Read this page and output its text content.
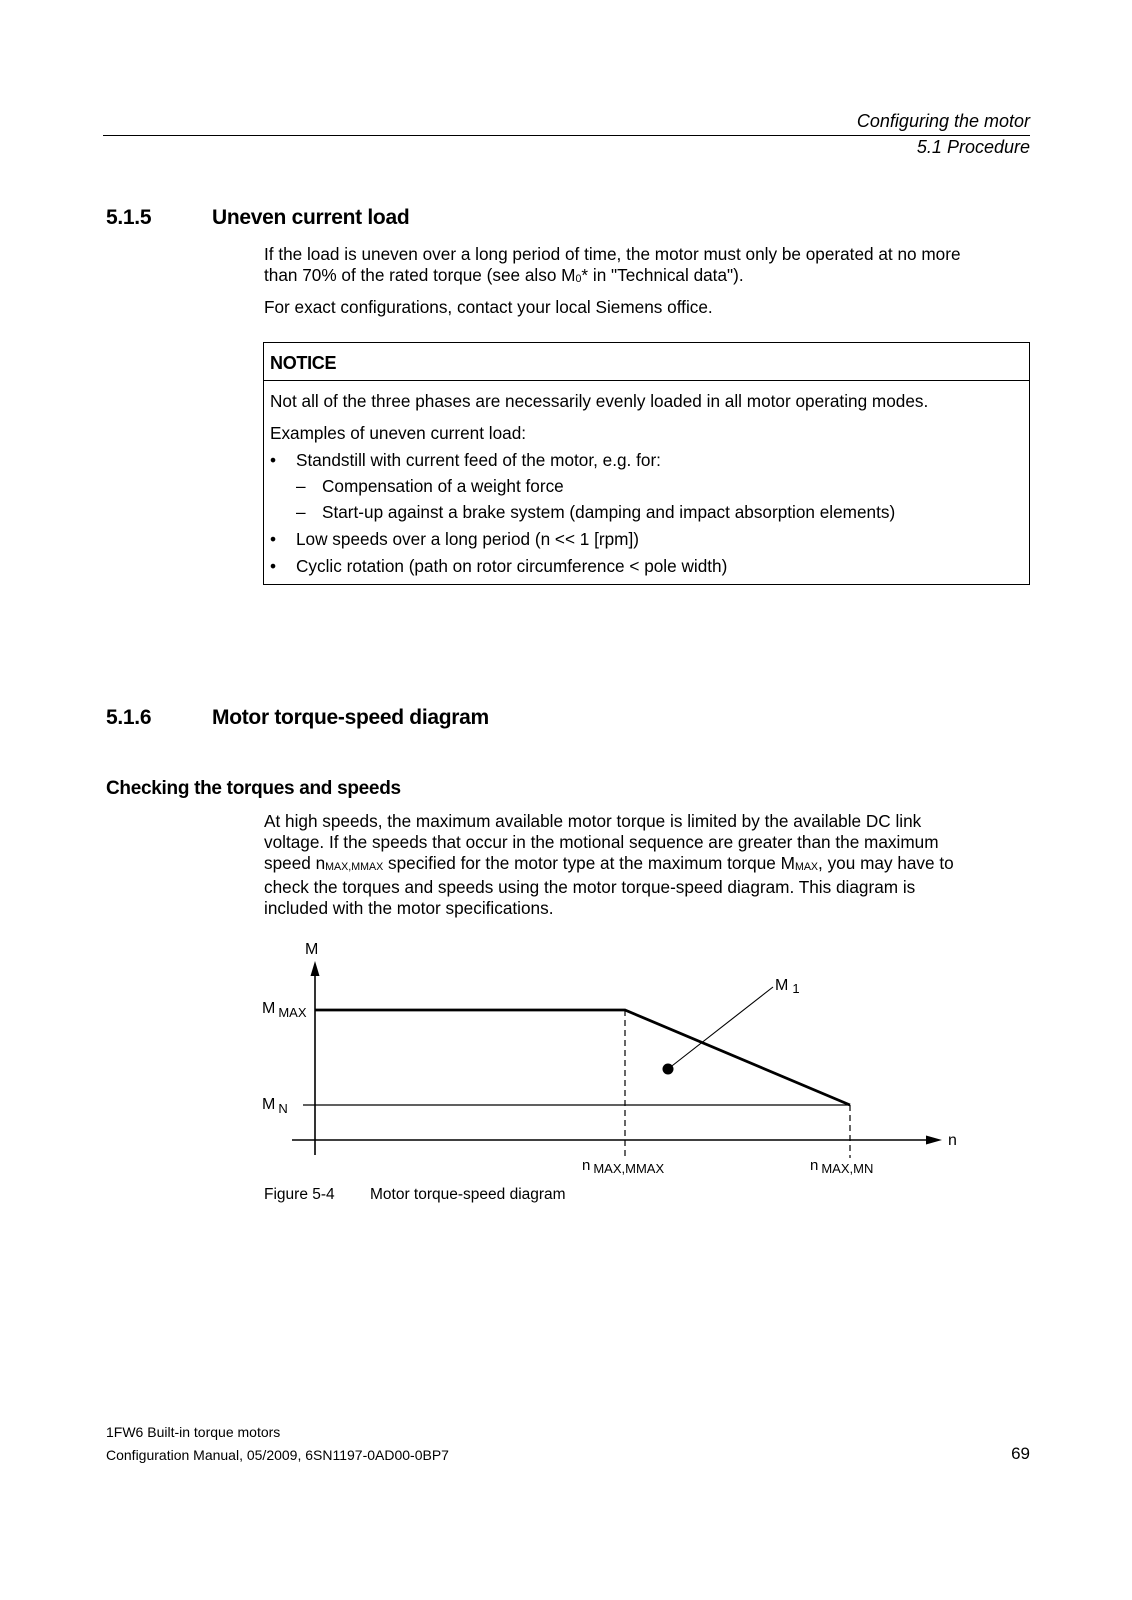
Configuring the motor
5.1 Procedure
5.1.5	Uneven current load
If the load is uneven over a long period of time, the motor must only be operated at no more
than 70% of the rated torque (see also $M_0*$ in "Technical data").
For exact configurations, contact your local Siemens office.
NOTICE
Not all of the three phases are necessarily evenly loaded in all motor operating modes.
Examples of uneven current load:
• Standstill with current feed of the motor, e.g. for:
– Compensation of a weight force
– Start-up against a brake system (damping and impact absorption elements)
• Low speeds over a long period (n << 1 [rpm])
• Cyclic rotation (path on rotor circumference < pole width)
5.1.6	Motor torque-speed diagram
Checking the torques and speeds
At high speeds, the maximum available motor torque is limited by the available DC link
voltage. If the speeds that occur in the motional sequence are greater than the maximum
speed $n_{MAX,MMAX}$ specified for the motor type at the maximum torque $M_{MAX}$, you may have to
check the torques and speeds using the motor torque-speed diagram. This diagram is
included with the motor specifications.
M
n
M $_{MAX}$
M $_N$
M 1
n MAX,MMAX	n MAX,MN
Figure 5-4 Motor torque-speed diagram
1FW6 Built-in torque motors
Configuration Manual, 05/2009, 6SN1197-0AD00-0BP7	69
